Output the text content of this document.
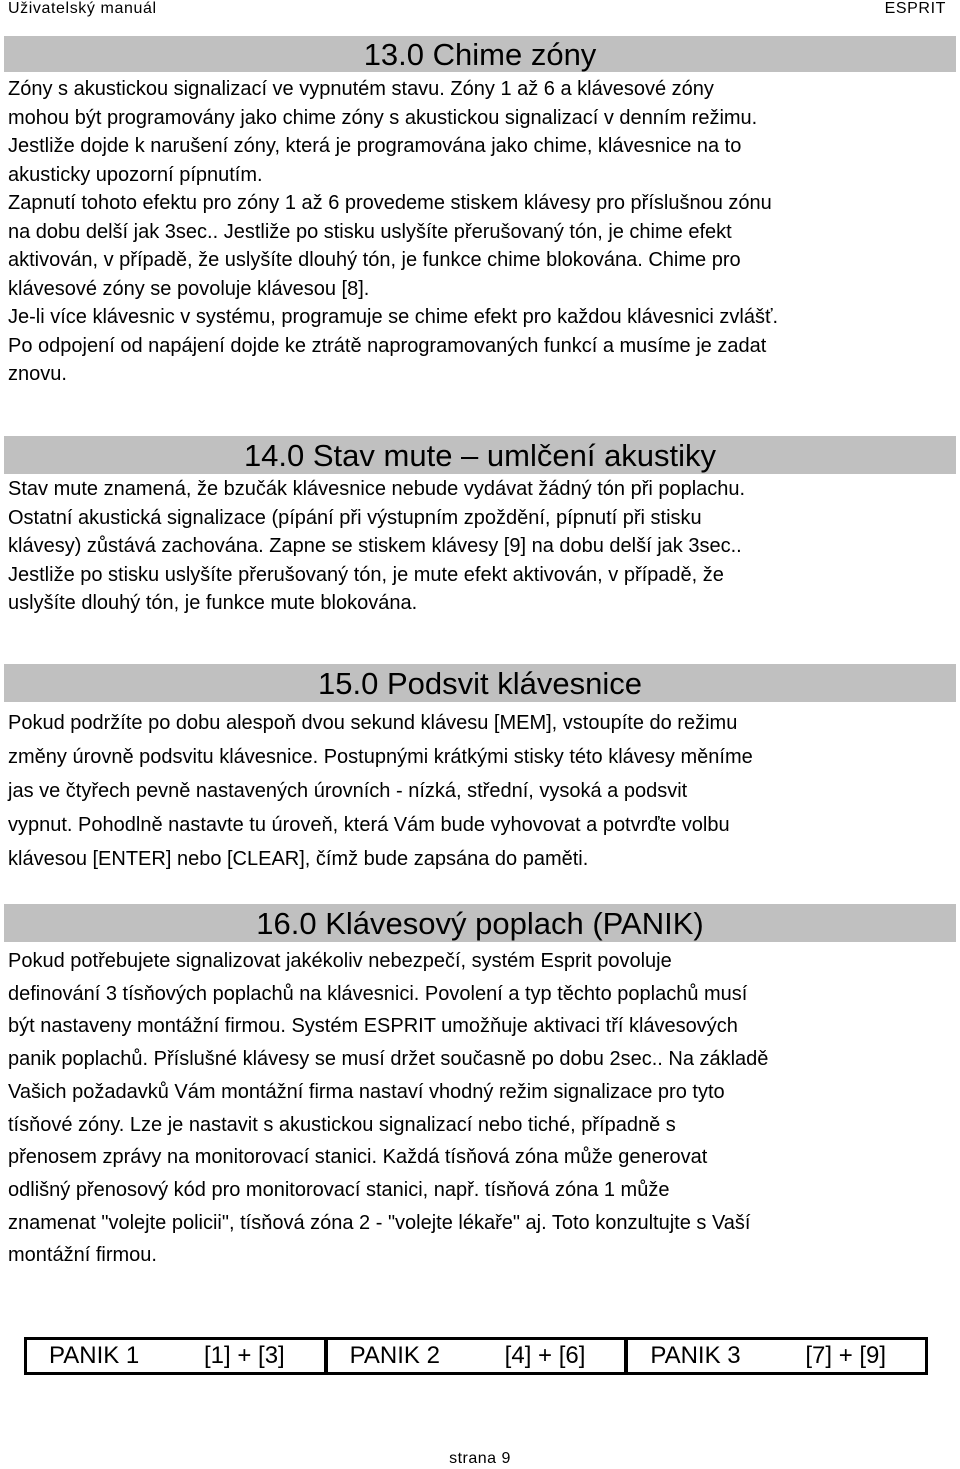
Uživatelský manuál	ESPRIT
13.0 Chime zóny

Zóny s akustickou signalizací ve vypnutém stavu. Zóny 1 až 6 a klávesové zóny

mohou být programovány jako chime zóny s akustickou signalizací v denním režimu.

Jestliže dojde k narušení zóny, která je programována jako chime, klávesnice na to

akusticky upozorní pípnutím.

Zapnutí tohoto efektu pro zóny 1 až 6 provedeme stiskem klávesy pro příslušnou zónu

na dobu delší jak 3sec.. Jestliže po stisku uslyšíte přerušovaný tón, je chime efekt

aktivován, v případě, že uslyšíte dlouhý tón, je funkce chime blokována. Chime pro

klávesové zóny se povoluje klávesou [8].

Je-li více klávesnic v systému, programuje se chime efekt pro každou klávesnici zvlášť.

Po odpojení od napájení dojde ke ztrátě naprogramovaných funkcí a musíme je zadat

znovu.

14.0 Stav mute – umlčení akustiky

Stav mute znamená, že bzučák klávesnice nebude vydávat žádný tón při poplachu.

Ostatní akustická signalizace (pípání při výstupním zpoždění, pípnutí při stisku

klávesy) zůstává zachována. Zapne se stiskem klávesy [9] na dobu delší jak 3sec..

Jestliže po stisku uslyšíte přerušovaný tón, je mute efekt aktivován, v případě, že

uslyšíte dlouhý tón, je funkce mute blokována.

15.0 Podsvit klávesnice

Pokud podržíte po dobu alespoň dvou sekund klávesu [MEM], vstoupíte do režimu

změny úrovně podsvitu klávesnice. Postupnými krátkými stisky této klávesy měníme

jas ve čtyřech pevně nastavených úrovních - nízká, střední, vysoká a podsvit

vypnut. Pohodlně nastavte tu úroveň, která Vám bude vyhovovat a potvrďte volbu

klávesou [ENTER] nebo [CLEAR], čímž bude zapsána do paměti.

16.0 Klávesový poplach (PANIK)

Pokud potřebujete signalizovat jakékoliv nebezpečí, systém Esprit povoluje

definování 3 tísňových poplachů na klávesnici. Povolení a typ těchto poplachů musí

být nastaveny montážní firmou. Systém ESPRIT umožňuje aktivaci tří klávesových

panik poplachů. Příslušné klávesy se musí držet současně po dobu 2sec.. Na základě

Vašich požadavků Vám montážní firma nastaví vhodný režim signalizace pro tyto

tísňové zóny. Lze je nastavit s akustickou signalizací nebo tiché, případně s

přenosem zprávy na monitorovací stanici. Každá tísňová zóna může generovat

odlišný přenosový kód pro monitorovací stanici, např. tísňová zóna 1 může

znamenat "volejte policii", tísňová zóna 2 - "volejte lékaře" aj. Toto konzultujte s Vaší

montážní firmou.

PANIK 1	[1] + [3]	PANIK 2	[4] + [6]	PANIK 3	[7] + [9]
strana 9
